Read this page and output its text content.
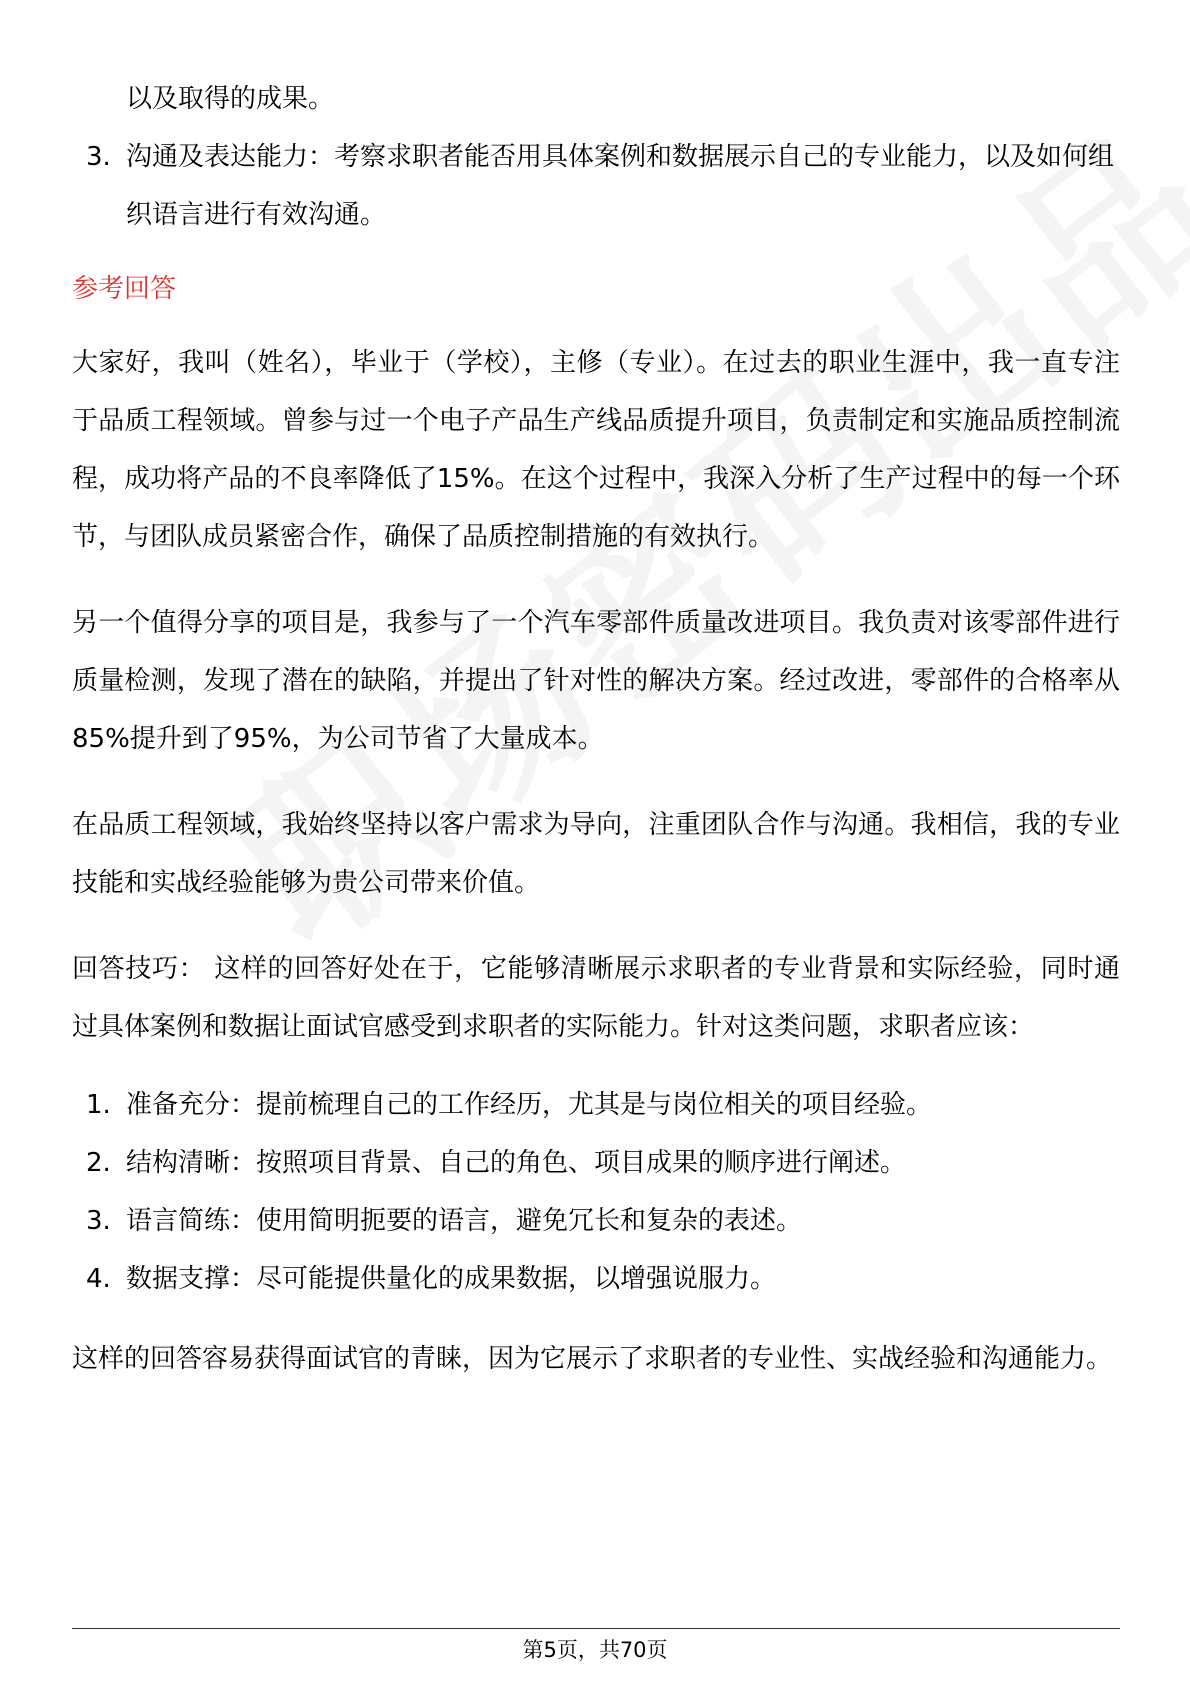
以及取得的成果。
3. 沟通及表达能力：考察求职者能否用具体案例和数据展示自己的专业能力，以及如何组织语言进行有效沟通。
参考回答

大家好，我叫（姓名），毕业于（学校），主修（专业）。在过去的职业生涯中，我一直专注于品质工程领域。曾参与过一个电子产品生产线品质提升项目，负责制定和实施品质控制流程，成功将产品的不良率降低了15%。在这个过程中，我深入分析了生产过程中的每一个环节，与团队成员紧密合作，确保了品质控制措施的有效执行。

另一个值得分享的项目是，我参与了一个汽车零部件质量改进项目。我负责对该零部件进行质量检测，发现了潜在的缺陷，并提出了针对性的解决方案。经过改进，零部件的合格率从85%提升到了95%，为公司节省了大量成本。

在品质工程领域，我始终坚持以客户需求为导向，注重团队合作与沟通。我相信，我的专业技能和实战经验能够为贵公司带来价值。

回答技巧： 这样的回答好处在于，它能够清晰展示求职者的专业背景和实际经验，同时通过具体案例和数据让面试官感受到求职者的实际能力。针对这类问题，求职者应该：

1. 准备充分：提前梳理自己的工作经历，尤其是与岗位相关的项目经验。
2. 结构清晰：按照项目背景、自己的角色、项目成果的顺序进行阐述。
3. 语言简练：使用简明扼要的语言，避免冗长和复杂的表述。
4. 数据支撑：尽可能提供量化的成果数据，以增强说服力。

这样的回答容易获得面试官的青睐，因为它展示了求职者的专业性、实战经验和沟通能力。

第5页，共70页
